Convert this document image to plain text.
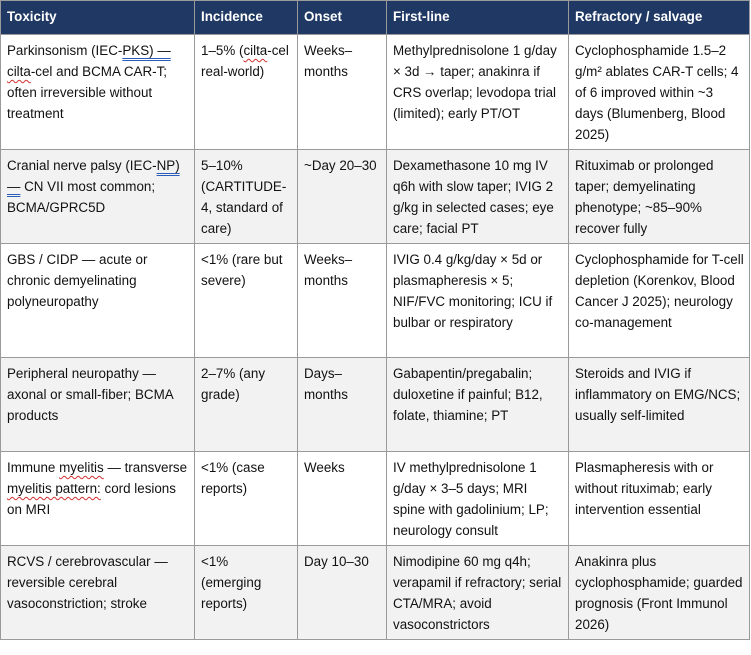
Toxicity	Incidence	Onset	First-line	Refractory / salvage
Parkinsonism (IEC-PKS) — cilta-cel and BCMA CAR-T; often irreversible without treatment	1–5% (cilta-cel real-world)	Weeks–months	Methylprednisolone 1 g/day × 3d → taper; anakinra if CRS overlap; levodopa trial (limited); early PT/OT	Cyclophosphamide 1.5–2 g/m² ablates CAR-T cells; 4 of 6 improved within ~3 days (Blumenberg, Blood 2025)
Cranial nerve palsy (IEC-NP) — CN VII most common; BCMA/GPRC5D	5–10% (CARTITUDE-4, standard of care)	~Day 20–30	Dexamethasone 10 mg IV q6h with slow taper; IVIG 2 g/kg in selected cases; eye care; facial PT	Rituximab or prolonged taper; demyelinating phenotype; ~85–90% recover fully
GBS / CIDP — acute or chronic demyelinating polyneuropathy	<1% (rare but severe)	Weeks–months	IVIG 0.4 g/kg/day × 5d or plasmapheresis × 5; NIF/FVC monitoring; ICU if bulbar or respiratory	Cyclophosphamide for T-cell depletion (Korenkov, Blood Cancer J 2025); neurology co-management
Peripheral neuropathy — axonal or small-fiber; BCMA products	2–7% (any grade)	Days–months	Gabapentin/pregabalin; duloxetine if painful; B12, folate, thiamine; PT	Steroids and IVIG if inflammatory on EMG/NCS; usually self-limited
Immune myelitis — transverse myelitis pattern: cord lesions on MRI	<1% (case reports)	Weeks	IV methylprednisolone 1 g/day × 3–5 days; MRI spine with gadolinium; LP; neurology consult	Plasmapheresis with or without rituximab; early intervention essential
RCVS / cerebrovascular — reversible cerebral vasoconstriction; stroke	<1% (emerging reports)	Day 10–30	Nimodipine 60 mg q4h; verapamil if refractory; serial CTA/MRA; avoid vasoconstrictors	Anakinra plus cyclophosphamide; guarded prognosis (Front Immunol 2026)
